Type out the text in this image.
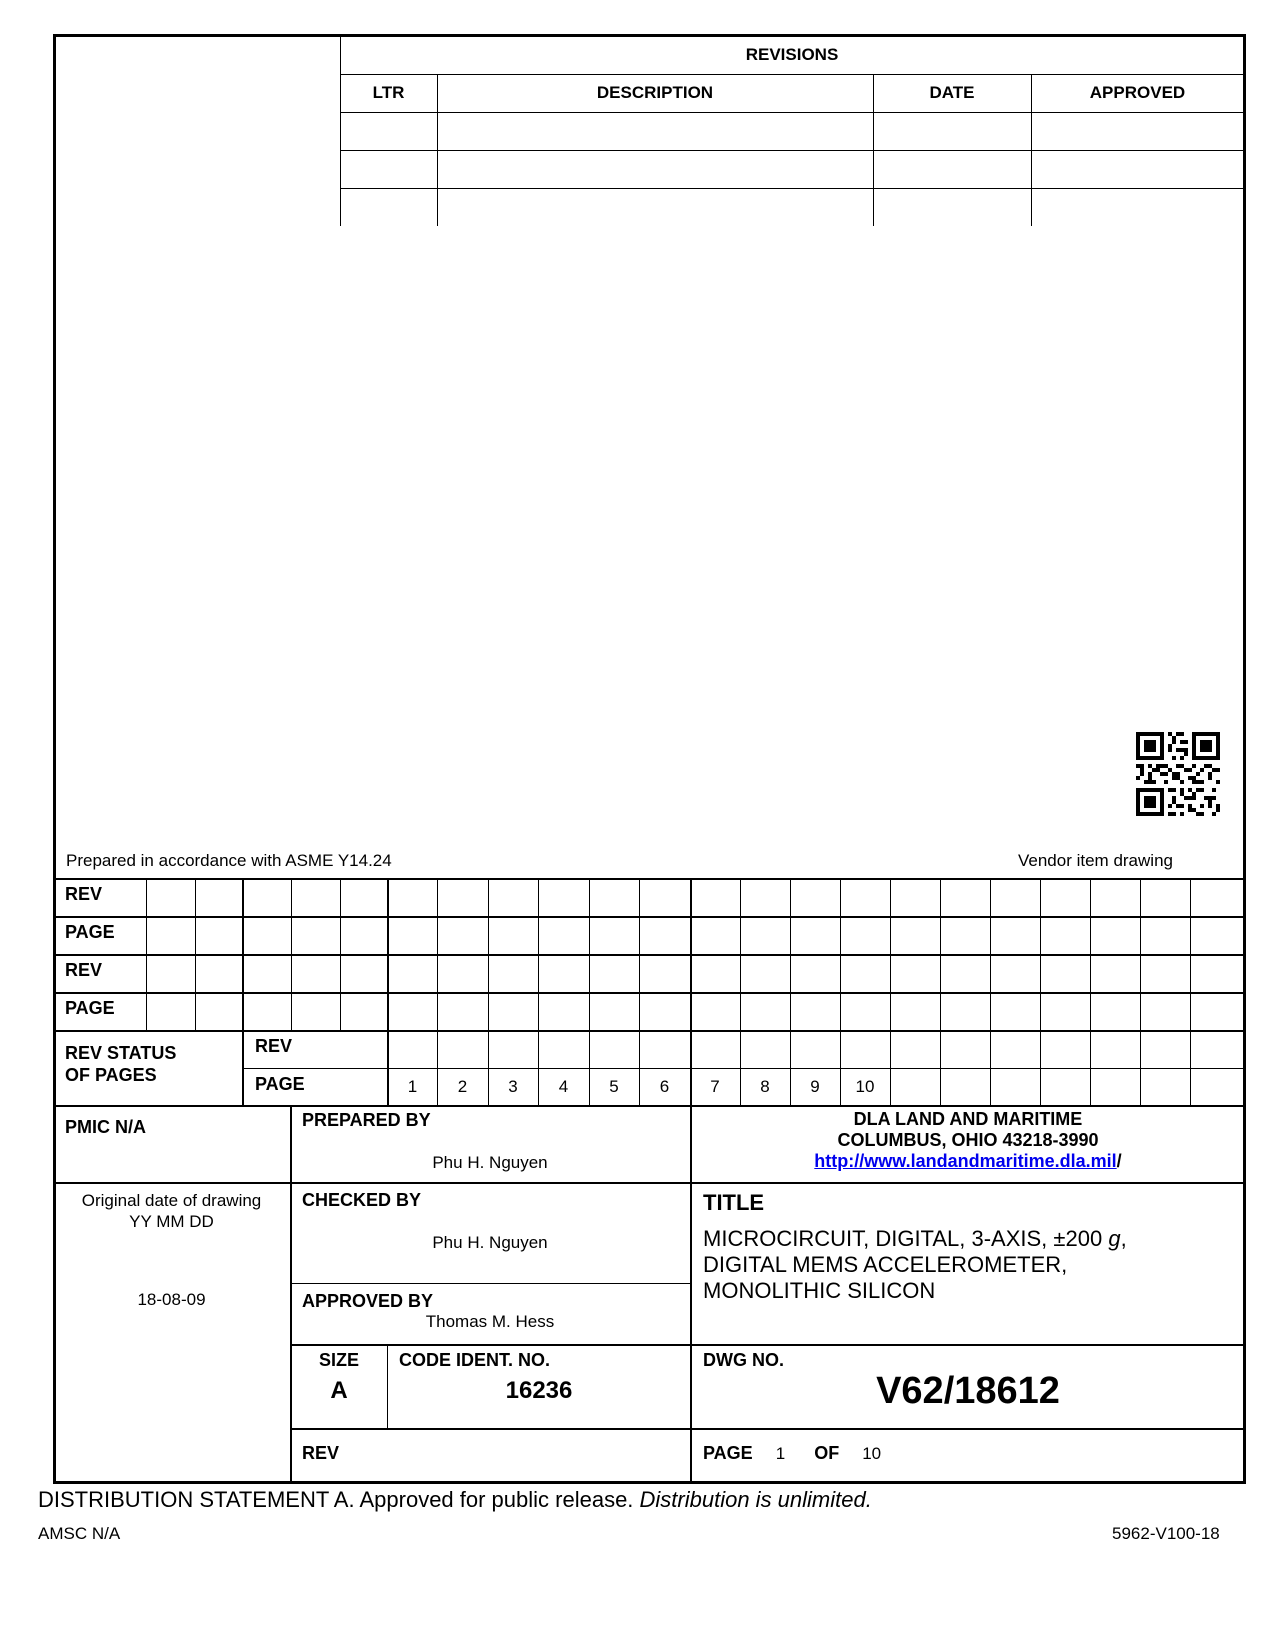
REVISIONS
LTR	DESCRIPTION	DATE	APPROVED
Prepared in accordance with ASME Y14.24	Vendor item drawing
REV
PAGE
REV
PAGE
REV STATUS
OF PAGES
REV
PAGE	1	2	3	4	5	6	7	8	9	10
PMIC N/A	PREPARED BY
Phu H. Nguyen
DLA LAND AND MARITIME
COLUMBUS, OHIO 43218-3990
http://www.landandmaritime.dla.mil/
Original date of drawing
YY MM DD
18-08-09
CHECKED BY
Phu H. Nguyen
TITLE
MICROCIRCUIT, DIGITAL, 3-AXIS, ±200 g,
DIGITAL MEMS ACCELEROMETER,
MONOLITHIC SILICON
APPROVED BY
Thomas M. Hess
SIZE
A
CODE IDENT. NO.
16236
DWG NO.
V62/18612
REV	PAGE 1 OF 10
DISTRIBUTION STATEMENT A. Approved for public release. Distribution is unlimited.
AMSC N/A	5962-V100-18
